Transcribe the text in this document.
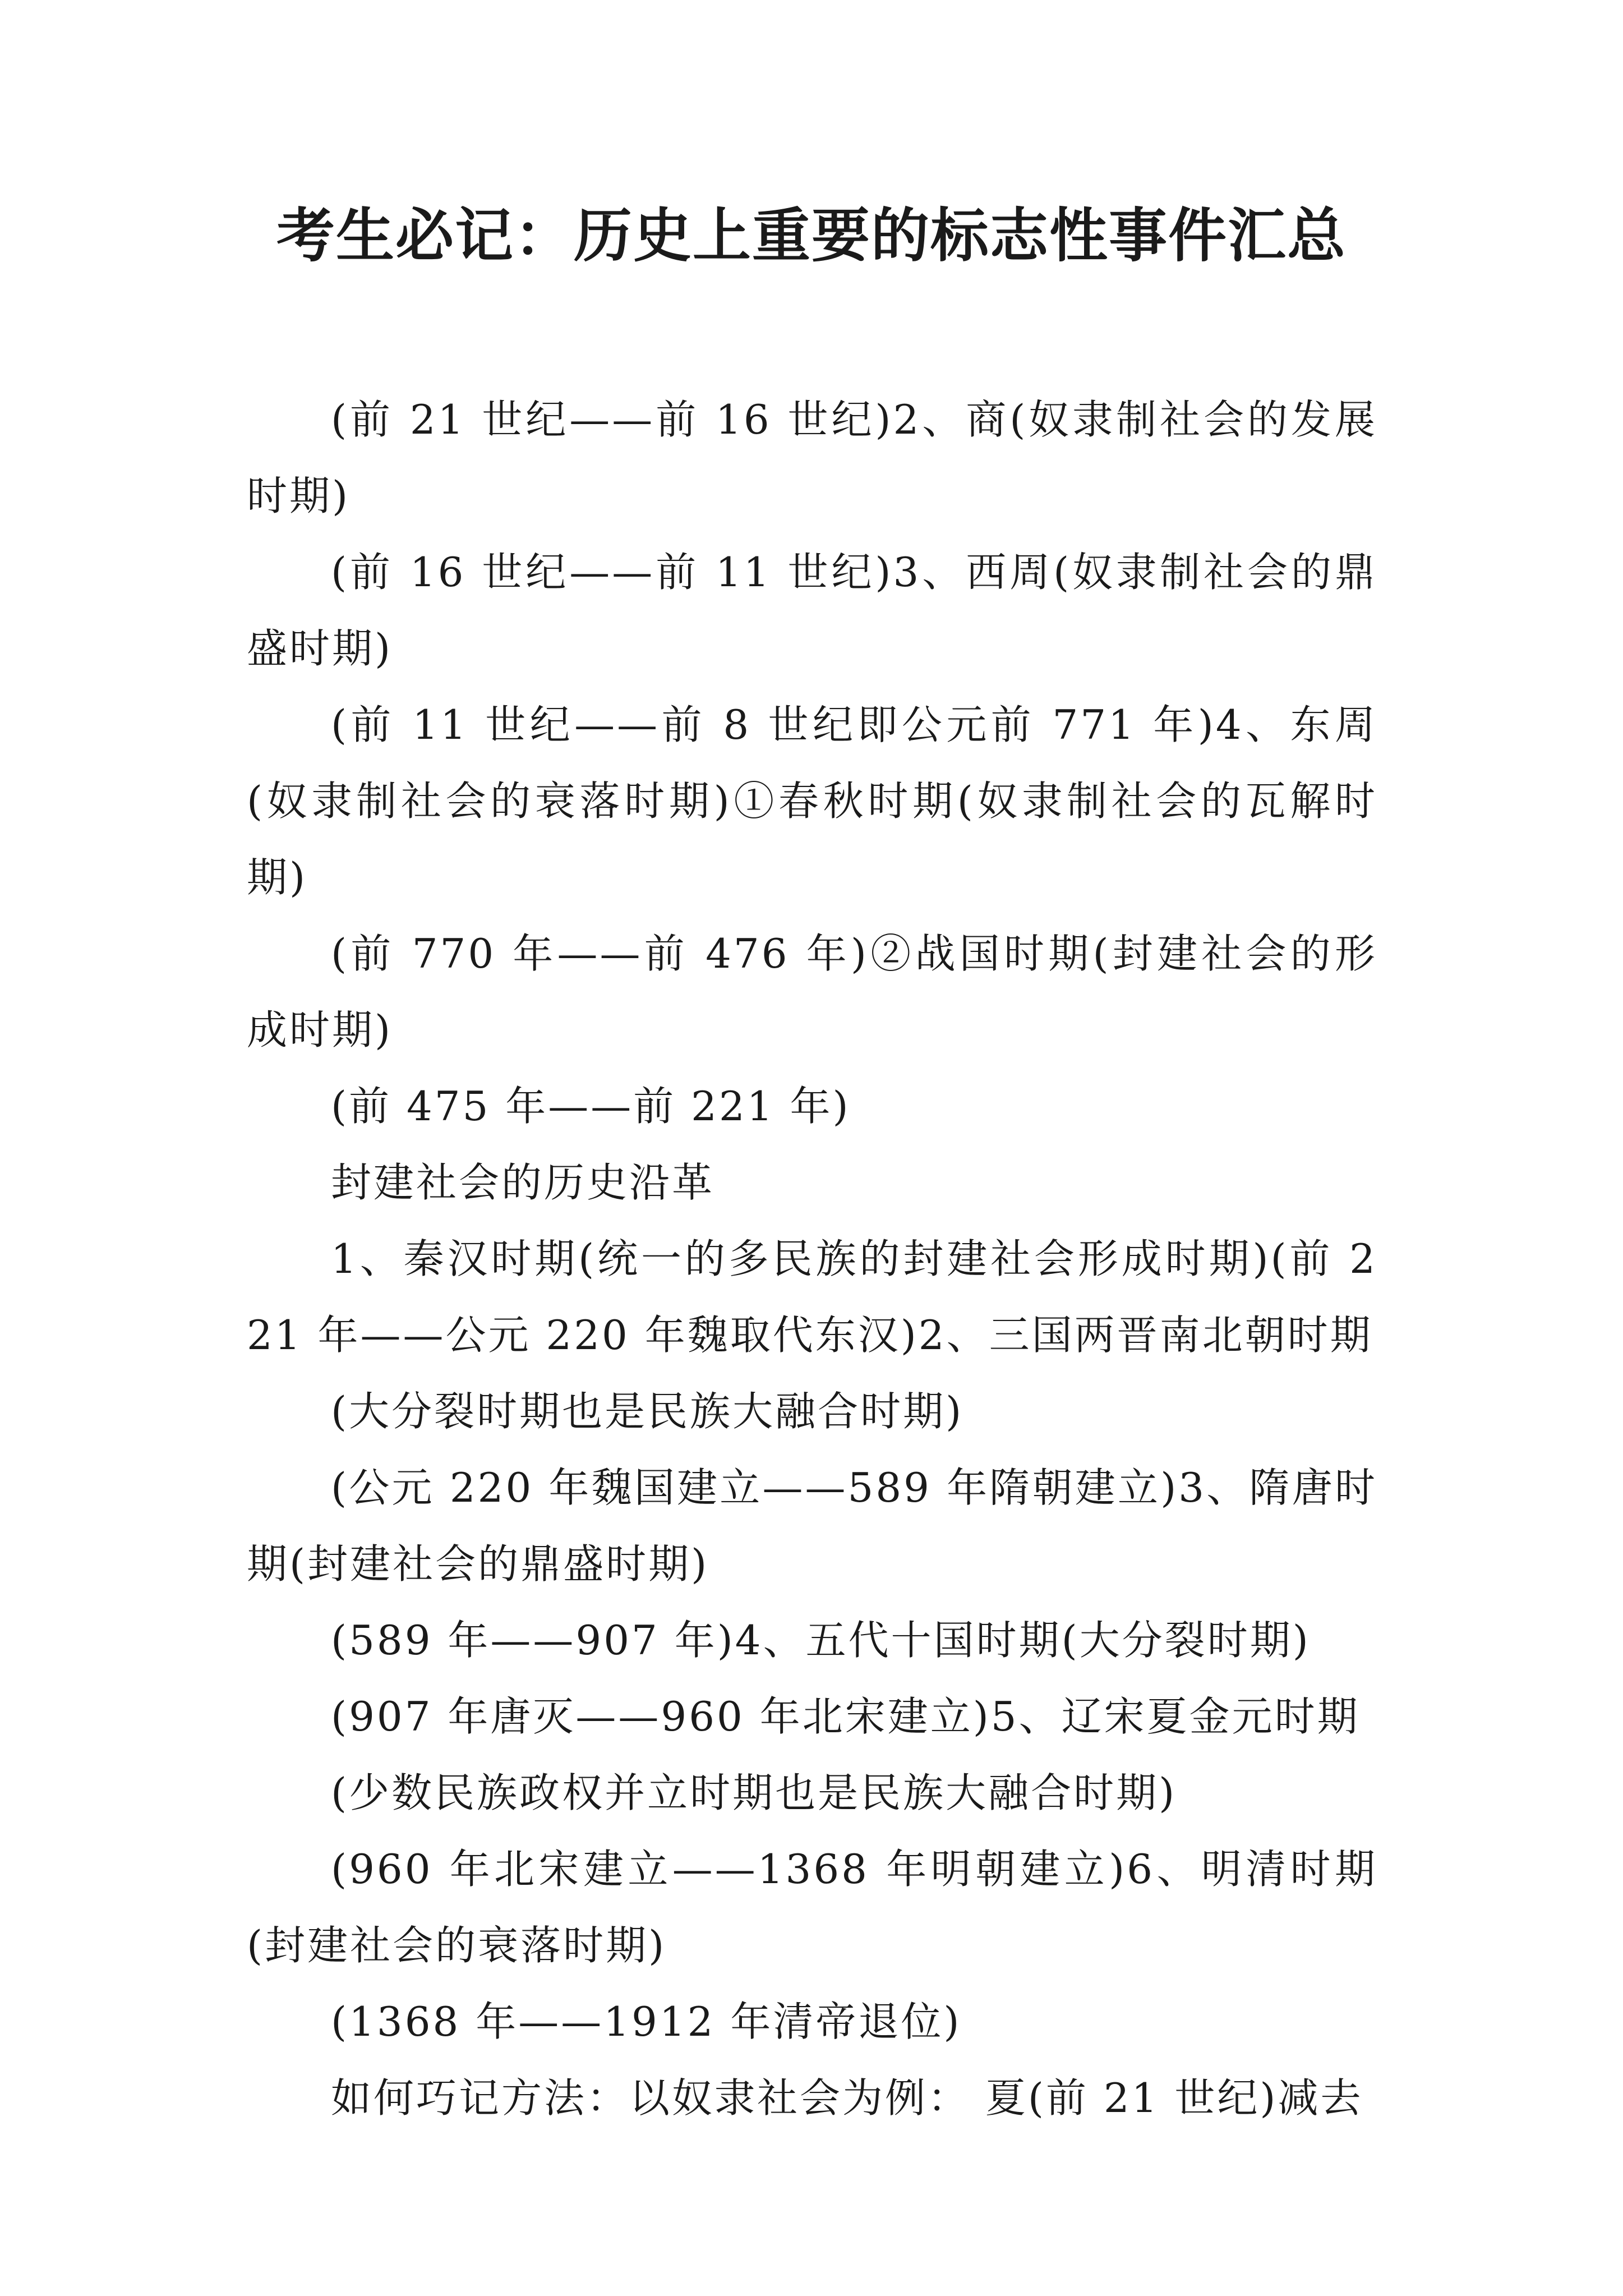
考生必记：历史上重要的标志性事件汇总

(前 21 世纪——前 16 世纪)2、商(奴隶制社会的发展时期)

(前 16 世纪——前 11 世纪)3、西周(奴隶制社会的鼎盛时期)

(前 11 世纪——前 8 世纪即公元前 771 年)4、东周(奴隶制社会的衰落时期)①春秋时期(奴隶制社会的瓦解时期)

(前 770 年——前 476 年)②战国时期(封建社会的形成时期)

(前 475 年——前 221 年)

封建社会的历史沿革

1、秦汉时期(统一的多民族的封建社会形成时期)(前 221 年——公元 220 年魏取代东汉)2、三国两晋南北朝时期

(大分裂时期也是民族大融合时期)

(公元 220 年魏国建立——589 年隋朝建立)3、隋唐时期(封建社会的鼎盛时期)

(589 年——907 年)4、五代十国时期(大分裂时期)

(907 年唐灭——960 年北宋建立)5、辽宋夏金元时期

(少数民族政权并立时期也是民族大融合时期)

(960 年北宋建立——1368 年明朝建立)6、明清时期(封建社会的衰落时期)

(1368 年——1912 年清帝退位)

如何巧记方法：以奴隶社会为例： 夏(前 21 世纪)减去
